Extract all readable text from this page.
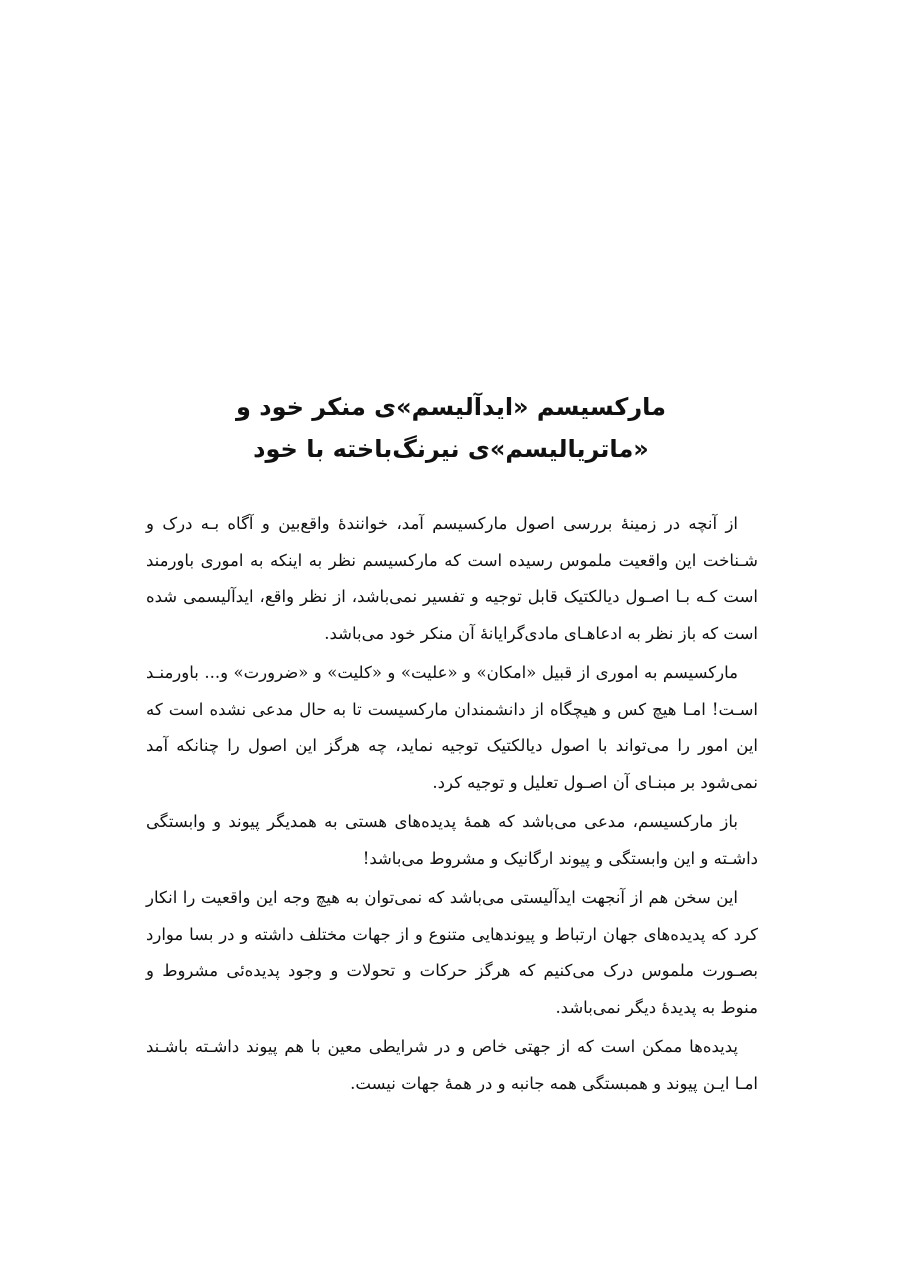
مارکسیسم «ایدآلیسم»ی منکر خود و
«ماتریالیسم»ی نیرنگ‌باخته با خود

از آنچه در زمینهٔ بررسی اصول مارکسیسم آمد، خوانندهٔ واقع‌بین و آگاه بـه درک و شـناخت این واقعیت ملموس رسیده است که مارکسیسم نظر به اینکه به اموری باورمند است کـه بـا اصـول دیالکتیک قابل توجیه و تفسیر نمی‌باشد، از نظر واقع، ایدآلیسمی شده است که باز نظر به ادعاهـای مادی‌گرایانهٔ آن منکر خود می‌باشد.

مارکسیسم به اموری از قبیل «امکان» و «علیت» و «کلیت» و «ضرورت» و... باورمنـد اسـت! امـا هیچ کس و هیچگاه از دانشمندان مارکسیست تا به حال مدعی نشده است که این امور را می‌تواند با اصول دیالکتیک توجیه نماید، چه هرگز این اصول را چنانکه آمد نمی‌شود بر مبنـای آن اصـول تعلیل و توجیه کرد.

باز مارکسیسم، مدعی می‌باشد که همهٔ پدیده‌های هستی به همدیگر پیوند و وابستگی داشـته و این وابستگی و پیوند ارگانیک و مشروط می‌باشد!

این سخن هم از آنجهت ایدآلیستی می‌باشد که نمی‌توان به هیچ وجه این واقعیت را انکار کرد که پدیده‌های جهان ارتباط و پیوندهایی متنوع و از جهات مختلف داشته و در بسا موارد بصـورت ملموس درک می‌کنیم که هرگز حرکات و تحولات و وجود پدیده‌ئی مشروط و منوط به پدیدهٔ دیگر نمی‌باشد.

پدیده‌ها ممکن است که از جهتی خاص و در شرایطی معین با هم پیوند داشـته باشـند امـا ایـن پیوند و همبستگی همه جانبه و در همهٔ جهات نیست.
